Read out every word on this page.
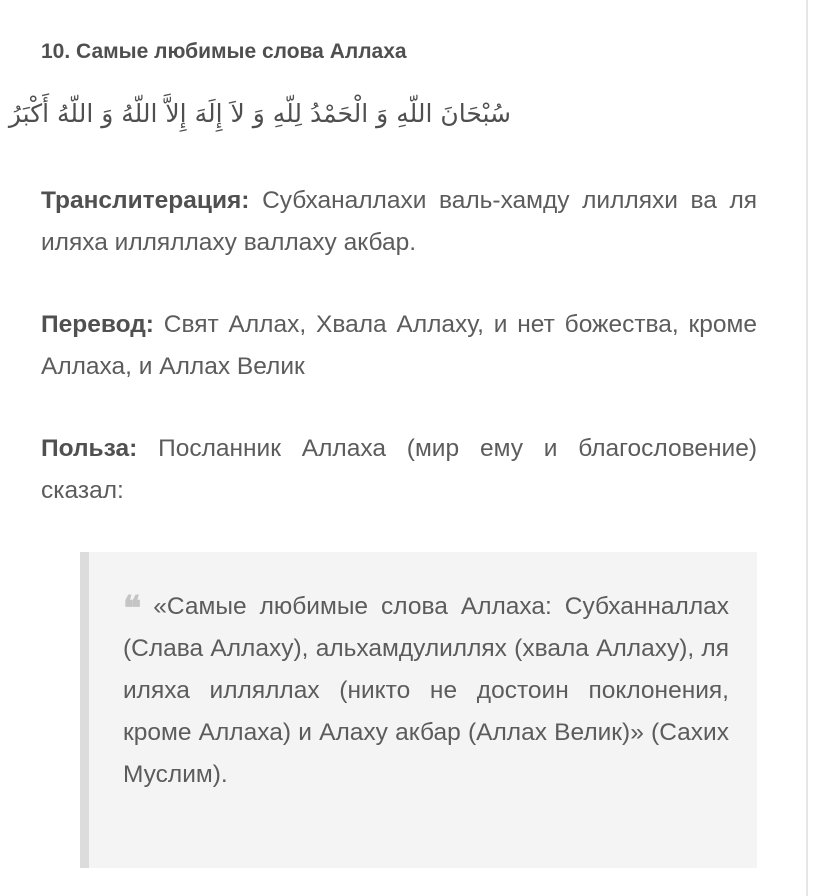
10. Самые любимые слова Аллаха
سُبْحَانَ اللّهِ وَ الْحَمْدُ لِلّهِ وَ لاَ إِلَهَ إِلاَّ اللّهُ وَ اللّهُ أَكْبَرُ
Транслитерация: Субханаллахи валь-хамду лилляхи ва ля иляха илляллаху валлаху акбар.
Перевод: Свят Аллах, Хвала Аллаху, и нет божества, кроме Аллаха, и Аллах Велик
Польза: Посланник Аллаха (мир ему и благословение) сказал:
❝ «Самые любимые слова Аллаха: Субханналлах (Слава Аллаху), альхамдулиллях (хвала Аллаху), ля иляха илляллах (никто не достоин поклонения, кроме Аллаха) и Алаху акбар (Аллах Велик)» (Сахих Муслим).
